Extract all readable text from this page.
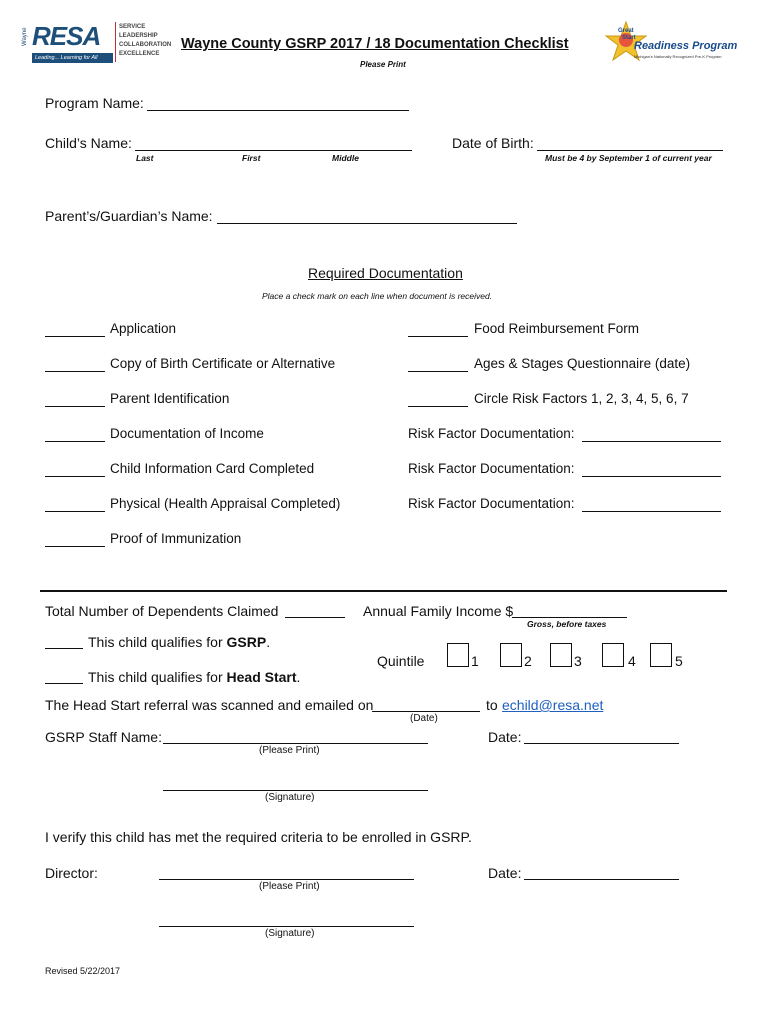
Wayne RESA
Leading... Learning for All
SERVICE
LEADERSHIP
COLLABORATION
EXCELLENCE
Wayne County GSRP 2017 / 18 Documentation Checklist
Please Print
Great
Start
Readiness Program
Michigan's Nationally Recognized Pre-K Program
Program Name:
Child’s Name:
Last	First	Middle
Date of Birth:
Must be 4 by September 1 of current year
Parent’s/Guardian’s Name:
Required Documentation
Place a check mark on each line when document is received.
Application
Copy of Birth Certificate or Alternative
Parent Identification
Documentation of Income
Child Information Card Completed
Physical (Health Appraisal Completed)
Proof of Immunization
Food Reimbursement Form
Ages & Stages Questionnaire (date)
Circle Risk Factors 1, 2, 3, 4, 5, 6, 7
Risk Factor Documentation:
Risk Factor Documentation:
Risk Factor Documentation:
Total Number of Dependents Claimed	Annual Family Income $
Gross, before taxes
This child qualifies for GSRP.
Quintile	1	2	3	4	5
This child qualifies for Head Start.
The Head Start referral was scanned and emailed on
(Date)
to echild@resa.net
GSRP Staff Name:
(Please Print)
Date:
(Signature)
I verify this child has met the required criteria to be enrolled in GSRP.
Director:
(Please Print)
Date:
(Signature)
Revised 5/22/2017
